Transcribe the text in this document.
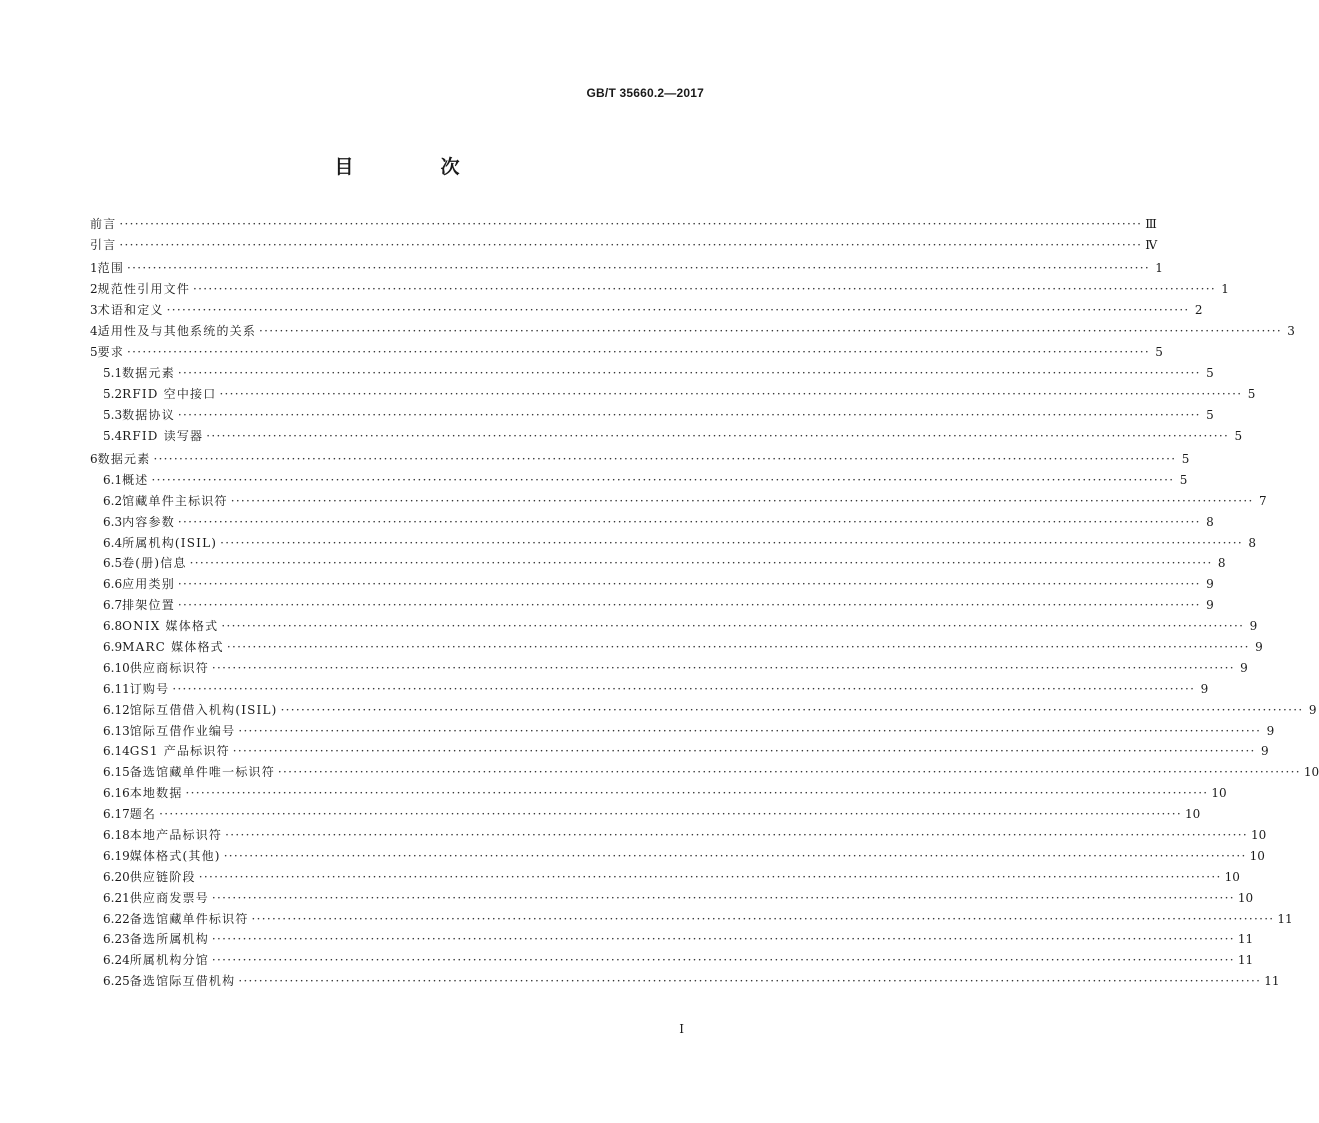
GB/T 35660.2—2017
目　次
前言 ········································································································································································································ Ⅲ
引言 ········································································································································································································ Ⅳ
1 范围 ········································································································································································································ 1
2 规范性引用文件 ········································································································································································································ 1
3 术语和定义 ········································································································································································································ 2
4 适用性及与其他系统的关系 ········································································································································································································ 3
5 要求 ········································································································································································································ 5
5.1 数据元素 ········································································································································································································ 5
5.2 RFID 空中接口 ········································································································································································································ 5
5.3 数据协议 ········································································································································································································ 5
5.4 RFID 读写器 ········································································································································································································ 5
6 数据元素 ········································································································································································································ 5
6.1 概述 ········································································································································································································ 5
6.2 馆藏单件主标识符 ········································································································································································································ 7
6.3 内容参数 ········································································································································································································ 8
6.4 所属机构(ISIL) ········································································································································································································ 8
6.5 卷(册)信息 ········································································································································································································ 8
6.6 应用类别 ········································································································································································································ 9
6.7 排架位置 ········································································································································································································ 9
6.8 ONIX 媒体格式 ········································································································································································································ 9
6.9 MARC 媒体格式 ········································································································································································································ 9
6.10 供应商标识符 ········································································································································································································ 9
6.11 订购号 ········································································································································································································ 9
6.12 馆际互借借入机构(ISIL) ········································································································································································································ 9
6.13 馆际互借作业编号 ········································································································································································································ 9
6.14 GS1 产品标识符 ········································································································································································································ 9
6.15 备选馆藏单件唯一标识符 ········································································································································································································ 10
6.16 本地数据 ········································································································································································································ 10
6.17 题名 ········································································································································································································ 10
6.18 本地产品标识符 ········································································································································································································ 10
6.19 媒体格式(其他) ········································································································································································································ 10
6.20 供应链阶段 ········································································································································································································ 10
6.21 供应商发票号 ········································································································································································································ 10
6.22 备选馆藏单件标识符 ········································································································································································································ 11
6.23 备选所属机构 ········································································································································································································ 11
6.24 所属机构分馆 ········································································································································································································ 11
6.25 备选馆际互借机构 ········································································································································································································ 11
I
